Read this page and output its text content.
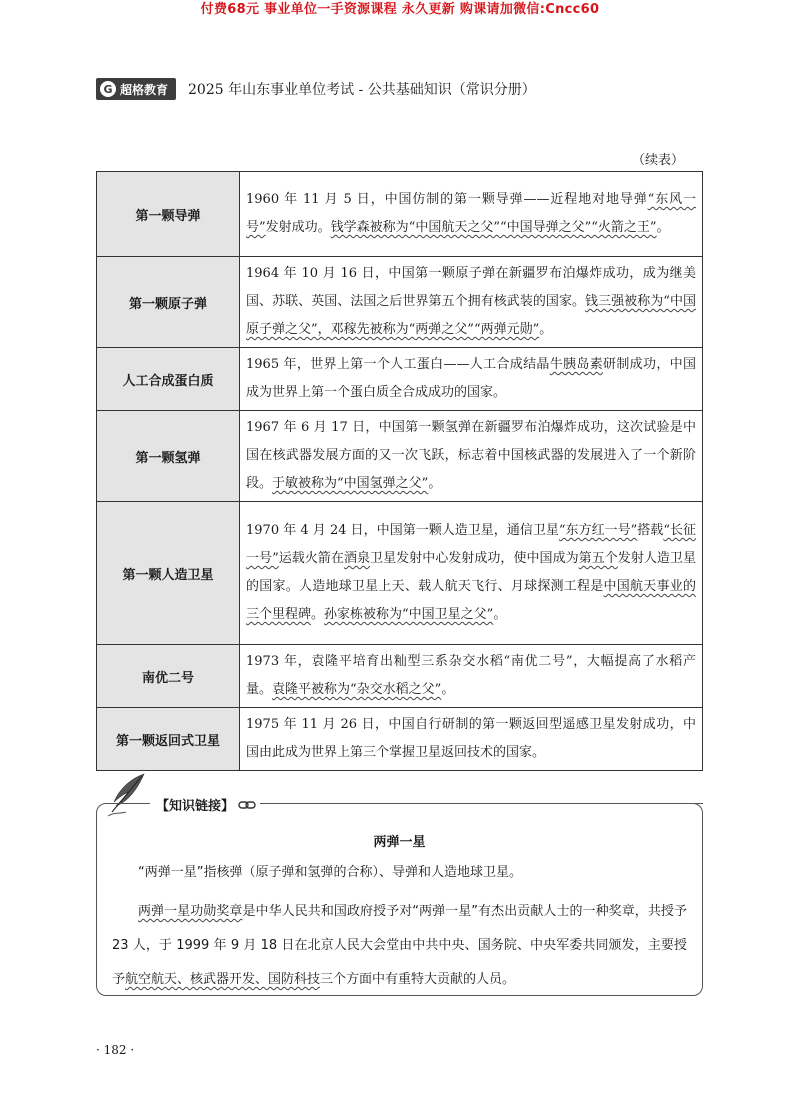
付费68元 事业单位一手资源课程 永久更新 购课请加微信:Cncc60
G 超格教育 2025 年山东事业单位考试 - 公共基础知识（常识分册）
（续表）
第一颗导弹	1960 年 11 月 5 日，中国仿制的第一颗导弹——近程地对地导弹“东风一号”发射成功。钱学森被称为“中国航天之父”“中国导弹之父”“火箭之王”。
第一颗原子弹	1964 年 10 月 16 日，中国第一颗原子弹在新疆罗布泊爆炸成功，成为继美国、苏联、英国、法国之后世界第五个拥有核武装的国家。钱三强被称为“中国原子弹之父”，邓稼先被称为“两弹之父”“两弹元勋”。
人工合成蛋白质	1965 年，世界上第一个人工蛋白——人工合成结晶牛胰岛素研制成功，中国成为世界上第一个蛋白质全合成成功的国家。
第一颗氢弹	1967 年 6 月 17 日，中国第一颗氢弹在新疆罗布泊爆炸成功，这次试验是中国在核武器发展方面的又一次飞跃，标志着中国核武器的发展进入了一个新阶段。于敏被称为“中国氢弹之父”。
第一颗人造卫星	1970 年 4 月 24 日，中国第一颗人造卫星，通信卫星“东方红一号”搭载“长征一号”运载火箭在酒泉卫星发射中心发射成功，使中国成为第五个发射人造卫星的国家。人造地球卫星上天、载人航天飞行、月球探测工程是中国航天事业的三个里程碑。孙家栋被称为“中国卫星之父”。
南优二号	1973 年，袁隆平培育出籼型三系杂交水稻“南优二号”，大幅提高了水稻产量。袁隆平被称为“杂交水稻之父”。
第一颗返回式卫星	1975 年 11 月 26 日，中国自行研制的第一颗返回型遥感卫星发射成功，中国由此成为世界上第三个掌握卫星返回技术的国家。
【知识链接】
两弹一星
“两弹一星”指核弹（原子弹和氢弹的合称）、导弹和人造地球卫星。
两弹一星功勋奖章是中华人民共和国政府授予对“两弹一星”有杰出贡献人士的一种奖章，共授予 23 人，于 1999 年 9 月 18 日在北京人民大会堂由中共中央、国务院、中央军委共同颁发，主要授予航空航天、核武器开发、国防科技三个方面中有重特大贡献的人员。
· 182 ·
